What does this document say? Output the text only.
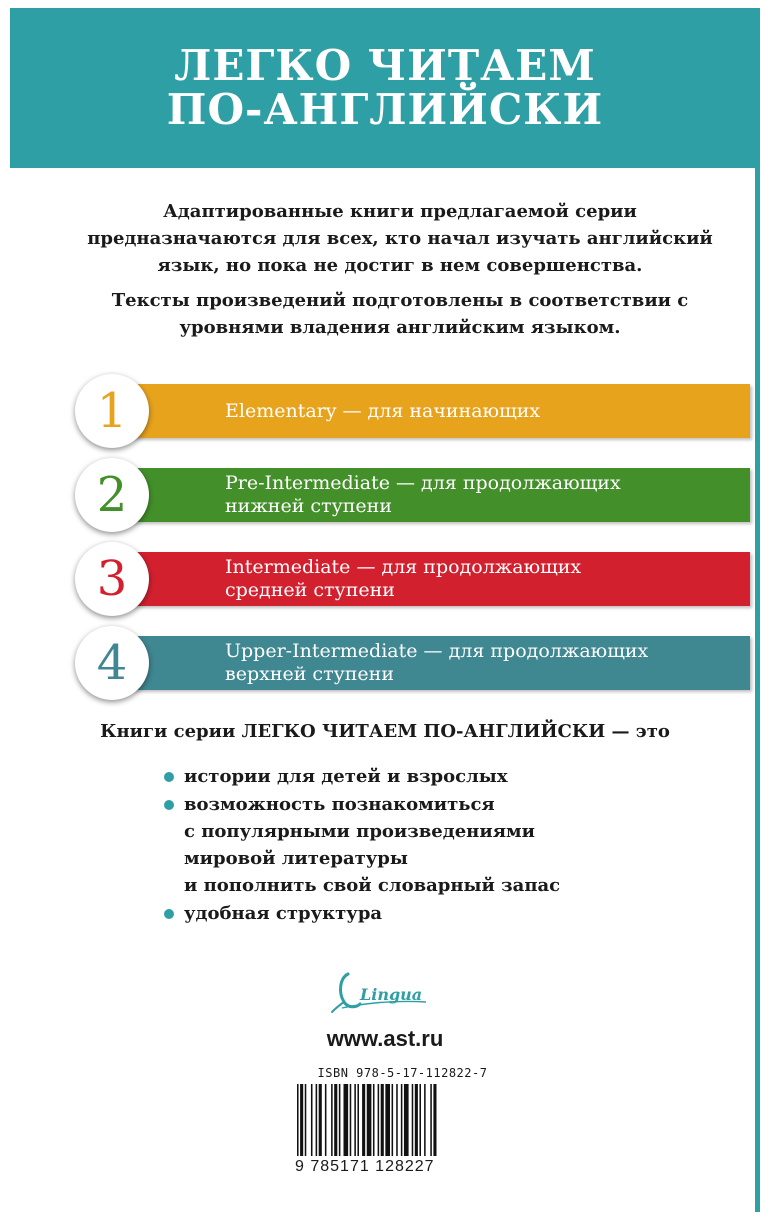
ЛЕГКО ЧИТАЕМ
ПО-АНГЛИЙСКИ

Адаптированные книги предлагаемой серии предназначаются для всех, кто начал изучать английский язык, но пока не достиг в нем совершенства.

Тексты произведений подготовлены в соответствии с уровнями владения английским языком.

Elementary — для начинающих
1
Pre-Intermediate — для продолжающих
нижней ступени
2
Intermediate — для продолжающих
средней ступени
3
Upper-Intermediate — для продолжающих
верхней ступени
4
Книги серии ЛЕГКО ЧИТАЕМ ПО-АНГЛИЙСКИ — это
истории для детей и взрослых
возможность познакомиться
с популярными произведениями
мировой литературы
и пополнить свой словарный запас
удобная структура
Lingua
www.ast.ru
ISBN 978-5-17-112822-7
9 785171 128227
